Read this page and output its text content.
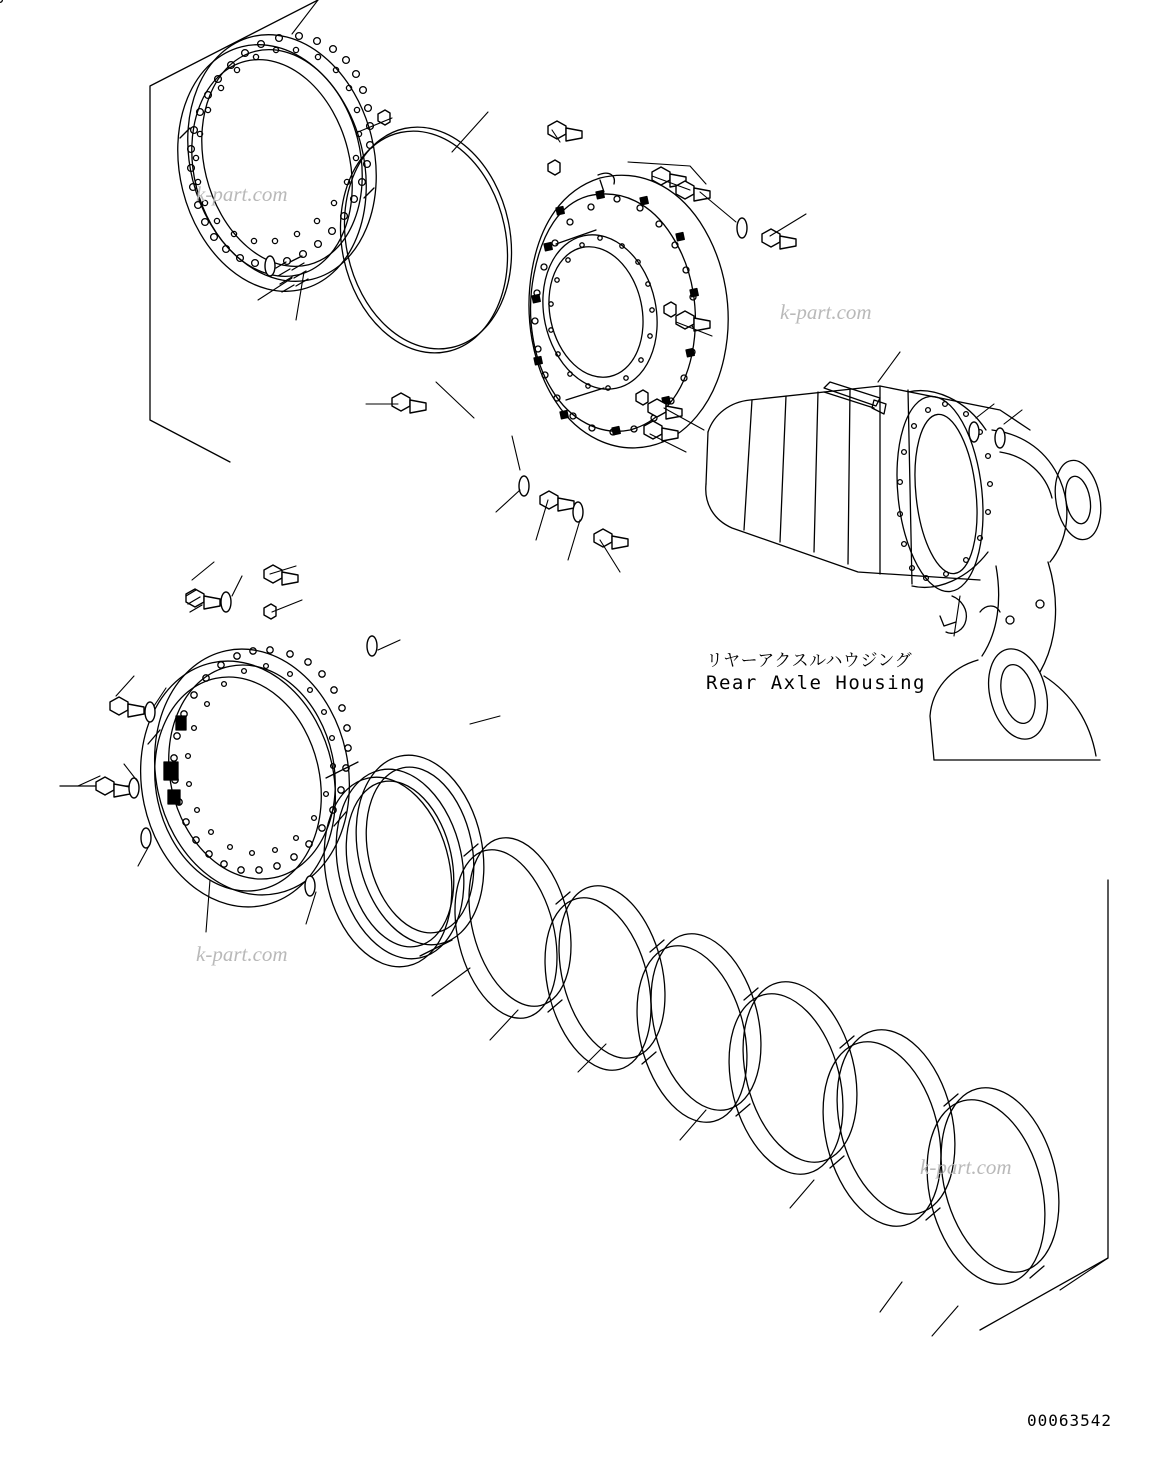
リヤーアクスルハウジング
Rear Axle Housing
k-part.com
k-part.com
k-part.com
k-part.com
00063542
